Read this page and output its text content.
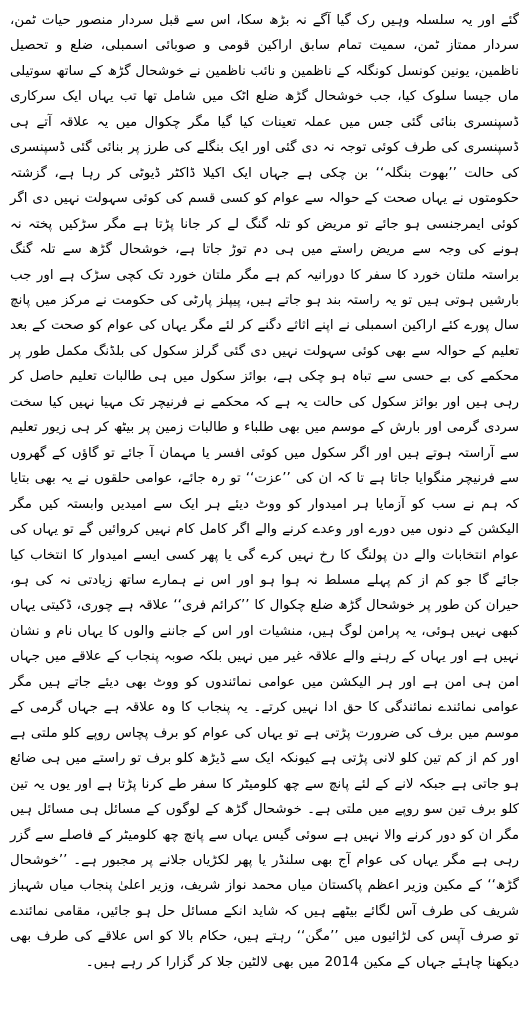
گئے اور یہ سلسلہ وہیں رک گیا آگے نہ بڑھ سکا، اس سے قبل سردار منصور حیات ٹمن، سردار ممتاز ٹمن، سمیت تمام سابق اراکین قومی و صوبائی اسمبلی، ضلع و تحصیل ناظمین، یونین کونسل کونگلہ کے ناظمین و نائب ناظمین نے خوشحال گڑھ کے ساتھ سوتیلی ماں جیسا سلوک کیا، جب خوشحال گڑھ ضلع اٹک میں شامل تھا تب یہاں ایک سرکاری ڈسپنسری بنائی گئی جس میں عملہ تعینات کیا گیا مگر چکوال میں یہ علاقہ آتے ہی ڈسپنسری کی طرف کوئی توجہ نہ دی گئی اور ایک بنگلے کی طرز پر بنائی گئی ڈسپنسری کی حالت ’’بھوت بنگلہ‘‘ بن چکی ہے جہاں ایک اکیلا ڈاکٹر ڈیوٹی کر رہا ہے، گزشتہ حکومتوں نے یہاں صحت کے حوالہ سے عوام کو کسی قسم کی کوئی سہولت نہیں دی اگر کوئی ایمرجنسی ہو جائے تو مریض کو تلہ گنگ لے کر جانا پڑتا ہے مگر سڑکیں پختہ نہ ہونے کی وجہ سے مریض راستے میں ہی دم توڑ جاتا ہے، خوشحال گڑھ سے تلہ گنگ براستہ ملتان خورد کا سفر کا دورانیہ کم ہے مگر ملتان خورد تک کچی سڑک ہے اور جب بارشیں ہوتی ہیں تو یہ راستہ بند ہو جاتے ہیں، پیپلز پارٹی کی حکومت نے مرکز میں پانچ سال پورے کئے اراکین اسمبلی نے اپنے اثاثے دگنے کر لئے مگر یہاں کی عوام کو صحت کے بعد تعلیم کے حوالہ سے بھی کوئی سہولت نہیں دی گئی گرلز سکول کی بلڈنگ مکمل طور پر محکمے کی بے حسی سے تباہ ہو چکی ہے، بوائز سکول میں ہی طالبات تعلیم حاصل کر رہی ہیں اور بوائز سکول کی حالت یہ ہے کہ محکمے نے فرنیچر تک مہیا نہیں کیا سخت سردی گرمی اور بارش کے موسم میں بھی طلباء و طالبات زمین پر بیٹھ کر ہی زیور تعلیم سے آراستہ ہوتے ہیں اور اگر سکول میں کوئی افسر یا مہمان آ جائے تو گاؤں کے گھروں سے فرنیچر منگوایا جاتا ہے تا کہ ان کی ’’عزت‘‘ تو رہ جائے، عوامی حلقوں نے یہ بھی بتایا کہ ہم نے سب کو آزمایا ہر امیدوار کو ووٹ دیئے ہر ایک سے امیدیں وابستہ کیں مگر الیکشن کے دنوں میں دورے اور وعدے کرنے والے اگر کامل کام نہیں کروائیں گے تو یہاں کی عوام انتخابات والے دن پولنگ کا رخ نہیں کرے گی یا پھر کسی ایسے امیدوار کا انتخاب کیا جائے گا جو کم از کم پہلے مسلط نہ ہوا ہو اور اس نے ہمارے ساتھ زیادتی نہ کی ہو، حیران کن طور پر خوشحال گڑھ ضلع چکوال کا ’’کرائم فری‘‘ علاقہ ہے چوری، ڈکیتی یہاں کبھی نہیں ہوئی، یہ پرامن لوگ ہیں، منشیات اور اس کے جاننے والوں کا یہاں نام و نشان نہیں ہے اور یہاں کے رہنے والے علاقہ غیر میں نہیں بلکہ صوبہ پنجاب کے علاقے میں جہاں امن ہی امن ہے اور ہر الیکشن میں عوامی نمائندوں کو ووٹ بھی دیئے جاتے ہیں مگر عوامی نمائندے نمائندگی کا حق ادا نہیں کرتے۔ یہ پنجاب کا وہ علاقہ ہے جہاں گرمی کے موسم میں برف کی ضرورت پڑتی ہے تو یہاں کی عوام کو برف پچاس روپے کلو ملتی ہے اور کم از کم تین کلو لانی پڑتی ہے کیونکہ ایک سے ڈیڑھ کلو برف تو راستے میں ہی ضائع ہو جاتی ہے جبکہ لانے کے لئے پانچ سے چھ کلومیٹر کا سفر طے کرنا پڑتا ہے اور یوں یہ تین کلو برف تین سو روپے میں ملتی ہے۔ خوشحال گڑھ کے لوگوں کے مسائل ہی مسائل ہیں مگر ان کو دور کرنے والا نہیں ہے سوئی گیس یہاں سے پانچ چھ کلومیٹر کے فاصلے سے گزر رہی ہے مگر یہاں کی عوام آج بھی سلنڈر یا پھر لکڑیاں جلانے پر مجبور ہے۔ ’’خوشحال گڑھ‘‘ کے مکین وزیر اعظم پاکستان میاں محمد نواز شریف، وزیر اعلیٰ پنجاب میاں شہباز شریف کی طرف آس لگائے بیٹھے ہیں کہ شاید انکے مسائل حل ہو جائیں، مقامی نمائندے تو صرف آپس کی لڑائیوں میں ’’مگن‘‘ رہتے ہیں، حکام بالا کو اس علاقے کی طرف بھی دیکھنا چاہئے جہاں کے مکین 2014 میں بھی لالٹین جلا کر گزارا کر رہے ہیں۔
